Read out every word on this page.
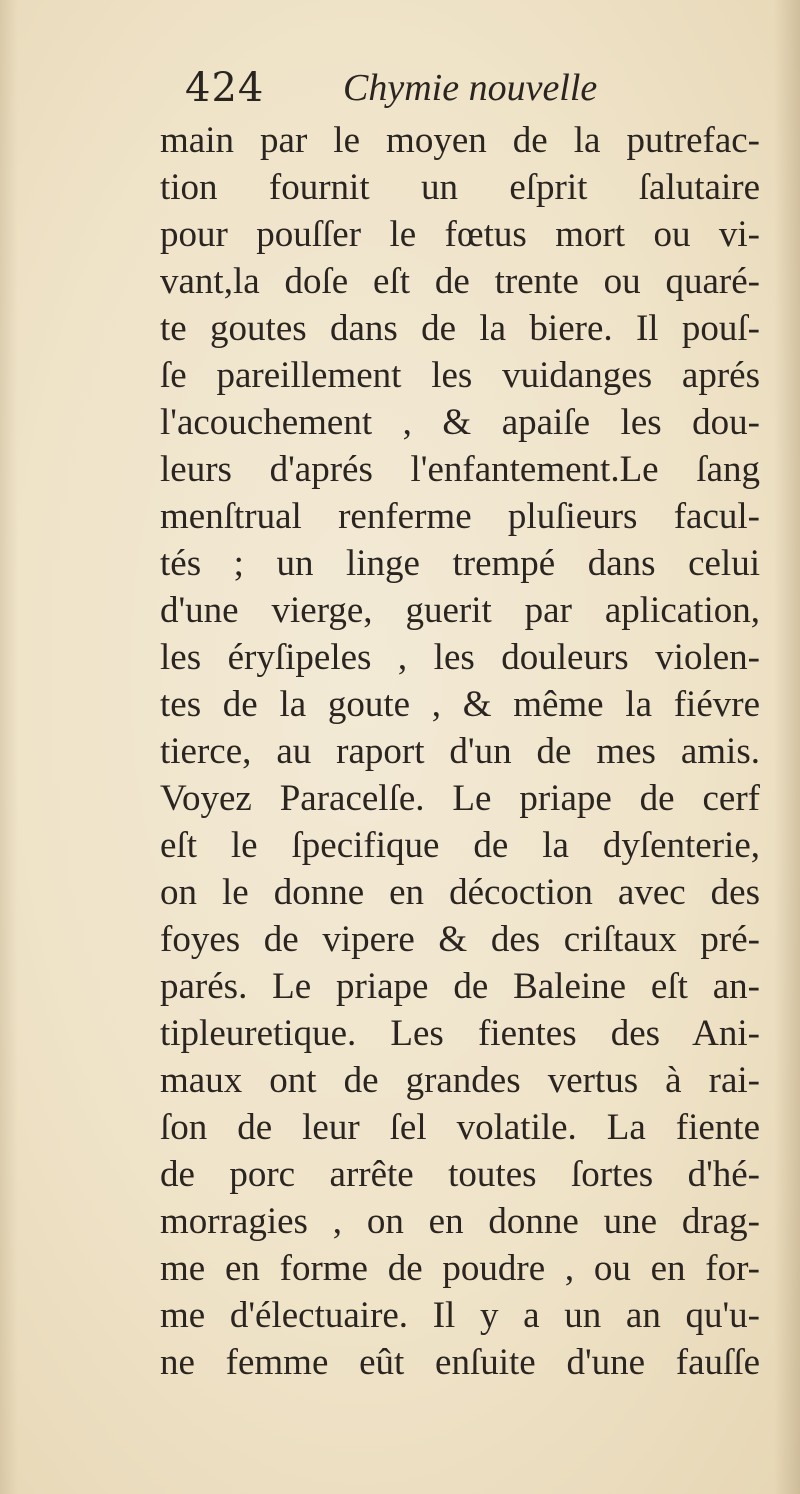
424 Chymie nouvelle
main par le moyen de la putrefac-
tion fournit un eſprit ſalutaire
pour pouſſer le fœtus mort ou vi-
vant,la doſe eſt de trente ou quaré-
te goutes dans de la biere. Il pouſ-
ſe pareillement les vuidanges aprés
l'acouchement , & apaiſe les dou-
leurs d'aprés l'enfantement.Le ſang
menſtrual renferme pluſieurs facul-
tés ; un linge trempé dans celui
d'une vierge, guerit par aplication,
les éryſipeles , les douleurs violen-
tes de la goute , & même la fiévre
tierce, au raport d'un de mes amis.
Voyez Paracelſe. Le priape de cerf
eſt le ſpecifique de la dyſenterie,
on le donne en décoction avec des
foyes de vipere & des criſtaux pré-
parés. Le priape de Baleine eſt an-
tipleuretique. Les fientes des Ani-
maux ont de grandes vertus à rai-
ſon de leur ſel volatile. La fiente
de porc arrête toutes ſortes d'hé-
morragies , on en donne une drag-
me en forme de poudre , ou en for-
me d'électuaire. Il y a un an qu'u-
ne femme eût enſuite d'une fauſſe
